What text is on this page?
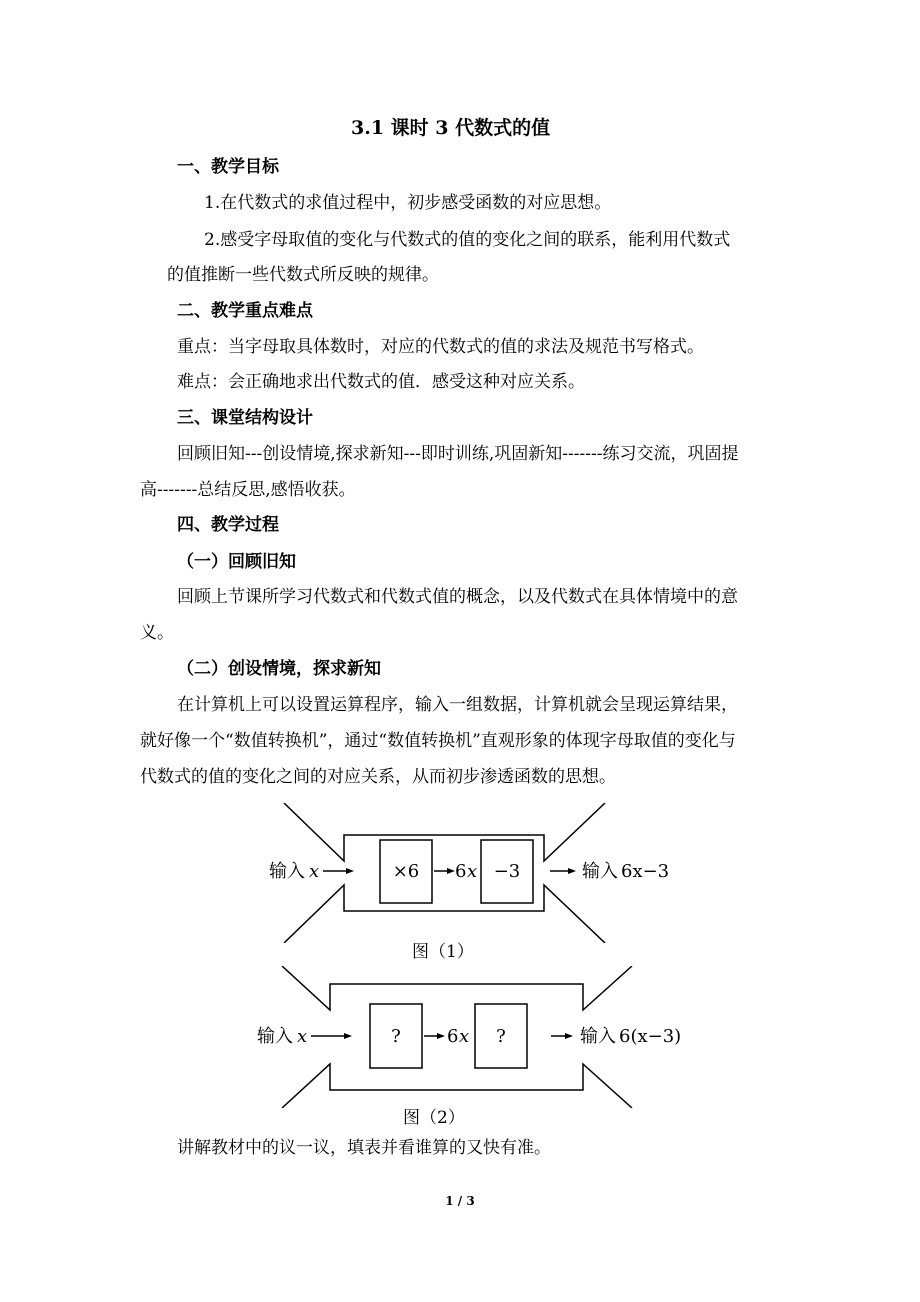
3.1 课时 3 代数式的值
一、教学目标
1.在代数式的求值过程中，初步感受函数的对应思想。
2.感受字母取值的变化与代数式的值的变化之间的联系，能利用代数式
的值推断一些代数式所反映的规律。
二、教学重点难点
重点：当字母取具体数时，对应的代数式的值的求法及规范书写格式。
难点：会正确地求出代数式的值．感受这种对应关系。
三、课堂结构设计
回顾旧知---创设情境,探求新知---即时训练,巩固新知-------练习交流，巩固提
高-------总结反思,感悟收获。
四、教学过程
（一）回顾旧知
回顾上节课所学习代数式和代数式值的概念，以及代数式在具体情境中的意
义。
（二）创设情境，探求新知
在计算机上可以设置运算程序，输入一组数据，计算机就会呈现运算结果，
就好像一个“数值转换机”，通过“数值转换机”直观形象的体现字母取值的变化与
代数式的值的变化之间的对应关系，从而初步渗透函数的思想。
输入 x	×6 6 x −3	输入 6x−3
图（1）
输入 x	?	6 x ?	输入 6(x−3)
图（2）
讲解教材中的议一议，填表并看谁算的又快有准。
1 / 3
